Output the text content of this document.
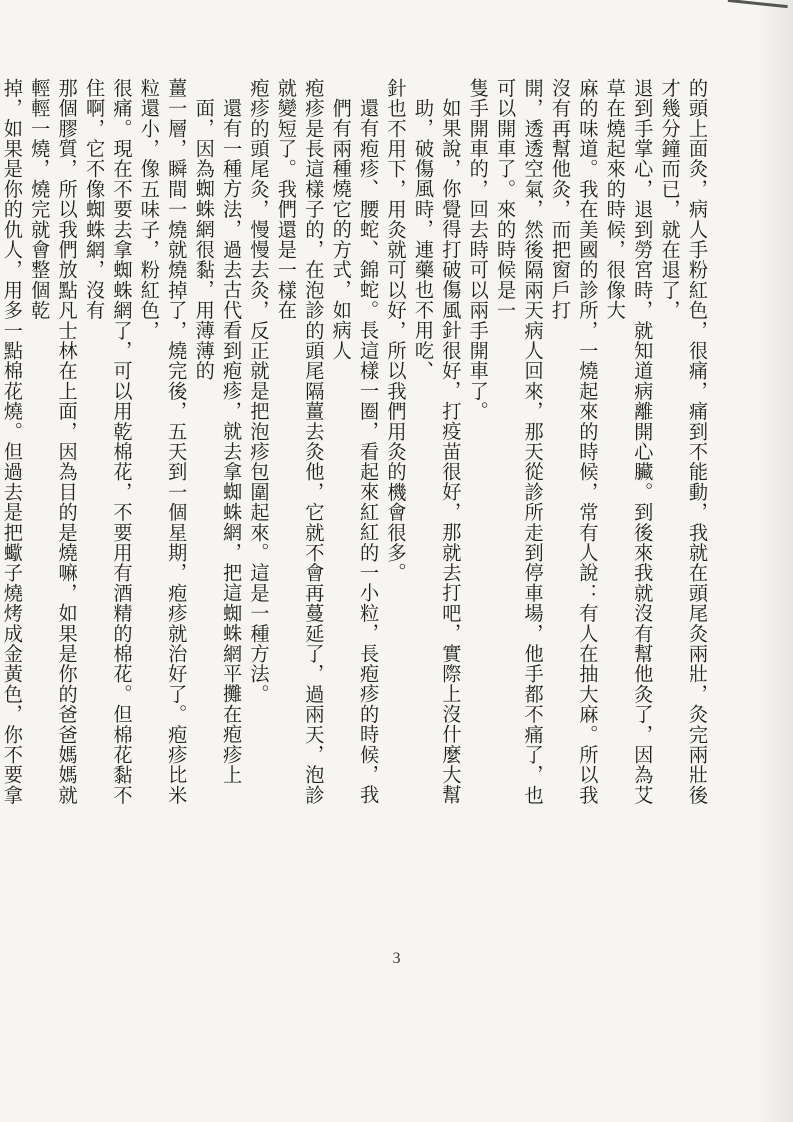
的頭上面灸，病人手粉紅色，很痛，痛到不能動，我就在頭尾灸兩壯，灸完兩壯後才幾分鐘而已，就在退了，

退到手掌心，退到勞宮時，就知道病離開心臟。到後來我就沒有幫他灸了，因為艾草在燒起來的時候，很像大

麻的味道。我在美國的診所，一燒起來的時候，常有人說：有人在抽大麻。所以我沒有再幫他灸，而把窗戶打

開，透透空氣，然後隔兩天病人回來，那天從診所走到停車場，他手都不痛了，也可以開車了。來的時候是一

隻手開車的，回去時可以兩手開車了。

如果說，你覺得打破傷風針很好，打疫苗很好，那就去打吧，實際上沒什麼大幫助，破傷風時，連藥也不用吃、

針也不用下，用灸就可以好，所以我們用灸的機會很多。

還有疱疹、腰蛇、錦蛇。長這樣一圈，看起來紅紅的一小粒，長疱疹的時候，我們有兩種燒它的方式，如病人

疱疹是長這樣子的，在泡診的頭尾隔薑去灸他，它就不會再蔓延了，過兩天，泡診就變短了。我們還是一樣在

疱疹的頭尾灸，慢慢去灸，反正就是把泡疹包圍起來。這是一種方法。

還有一種方法，過去古代看到疱疹，就去拿蜘蛛網，把這蜘蛛網平攤在疱疹上面，因為蜘蛛網很黏，用薄薄的

薑一層，瞬間一燒就燒掉了，燒完後，五天到一個星期，疱疹就治好了。疱疹比米粒還小，像五味子，粉紅色，

很痛。現在不要去拿蜘蛛網了，可以用乾棉花，不要用有酒精的棉花。但棉花黏不住啊，它不像蜘蛛網，沒有

那個膠質，所以我們放點凡士林在上面，因為目的是燒嘛，如果是你的爸爸媽媽就輕輕一燒，燒完就會整個乾

掉，如果是你的仇人，用多一點棉花燒。但過去是把蠍子燒烤成金黃色，你不要拿

3
